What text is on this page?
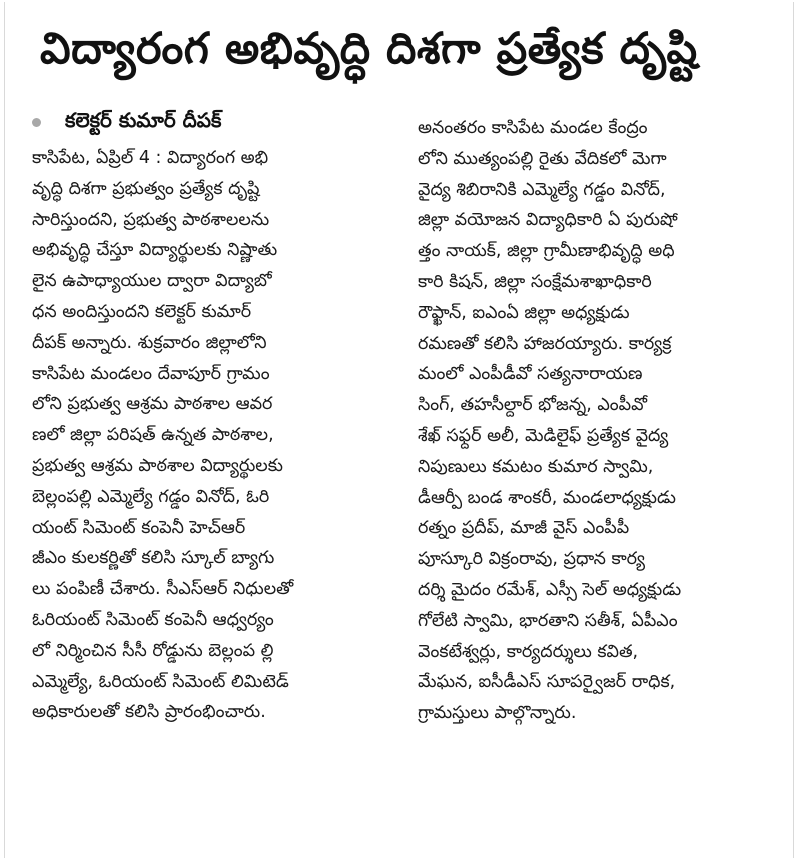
విద్యారంగ అభివృద్ధి దిశగా ప్రత్యేక దృష్టి
కలెక్టర్ కుమార్ దీపక్
కాసిపేట, ఏప్రిల్ 4 : విద్యారంగ అభి
వృద్ధి దిశగా ప్రభుత్వం ప్రత్యేక దృష్టి
సారిస్తుందని, ప్రభుత్వ పాఠశాలలను
అభివృద్ధి చేస్తూ విద్యార్థులకు నిష్ణాతు
లైన ఉపాధ్యాయుల ద్వారా విద్యాబో
ధన అందిస్తుందని కలెక్టర్ కుమార్
దీపక్ అన్నారు. శుక్రవారం జిల్లాలోని
కాసిపేట మండలం దేవాపూర్ గ్రామం
లోని ప్రభుత్వ ఆశ్రమ పాఠశాల ఆవర
ణలో జిల్లా పరిషత్ ఉన్నత పాఠశాల,
ప్రభుత్వ ఆశ్రమ పాఠశాల విద్యార్థులకు
బెల్లంపల్లి ఎమ్మెల్యే గడ్డం వినోద్, ఓరి
యంట్ సిమెంట్ కంపెనీ హెచ్ఆర్
జీఎం కులకర్ణితో కలిసి స్కూల్ బ్యాగు
లు పంపిణీ చేశారు. సీఎస్ఆర్ నిధులతో
ఓరియంట్ సిమెంట్ కంపెనీ ఆధ్వర్యం
లో నిర్మించిన సీసీ రోడ్డును బెల్లంప ల్లి
ఎమ్మెల్యే, ఓరియంట్ సిమెంట్ లిమిటెడ్
అధికారులతో కలిసి ప్రారంభించారు.
అనంతరం కాసిపేట మండల కేంద్రం
లోని ముత్యంపల్లి రైతు వేదికలో మెగా
వైద్య శిబిరానికి ఎమ్మెల్యే గడ్డం వినోద్,
జిల్లా వయోజన విద్యాధికారి ఏ పురుషో
త్తం నాయక్, జిల్లా గ్రామీణాభివృద్ధి అధి
కారి కిషన్, జిల్లా సంక్షేమశాఖాధికారి
రౌఫ్ఖాన్, ఐఎంఏ జిల్లా అధ్యక్షుడు
రమణతో కలిసి హాజరయ్యారు. కార్యక్ర
మంలో ఎంపీడీవో సత్యనారాయణ
సింగ్, తహసీల్దార్ భోజన్న, ఎంపీవో
శేఖ్ సఫ్దర్ అలీ, మెడిలైఫ్ ప్రత్యేక వైద్య
నిపుణులు కమటం కుమార స్వామి,
డీఆర్పీ బండ శాంకరీ, మండలాధ్యక్షుడు
రత్నం ప్రదీప్, మాజీ వైస్ ఎంపీపీ
పూస్కూరి విక్రంరావు, ప్రధాన కార్య
దర్శి మైదం రమేశ్, ఎస్సీ సెల్ అధ్యక్షుడు
గోలేటి స్వామి, భారతాని సతీశ్, ఏపీఎం
వెంకటేశ్వర్లు, కార్యదర్శులు కవిత,
మేఘన, ఐసీడీఎస్ సూపర్వైజర్ రాధిక,
గ్రామస్తులు పాల్గొన్నారు.
